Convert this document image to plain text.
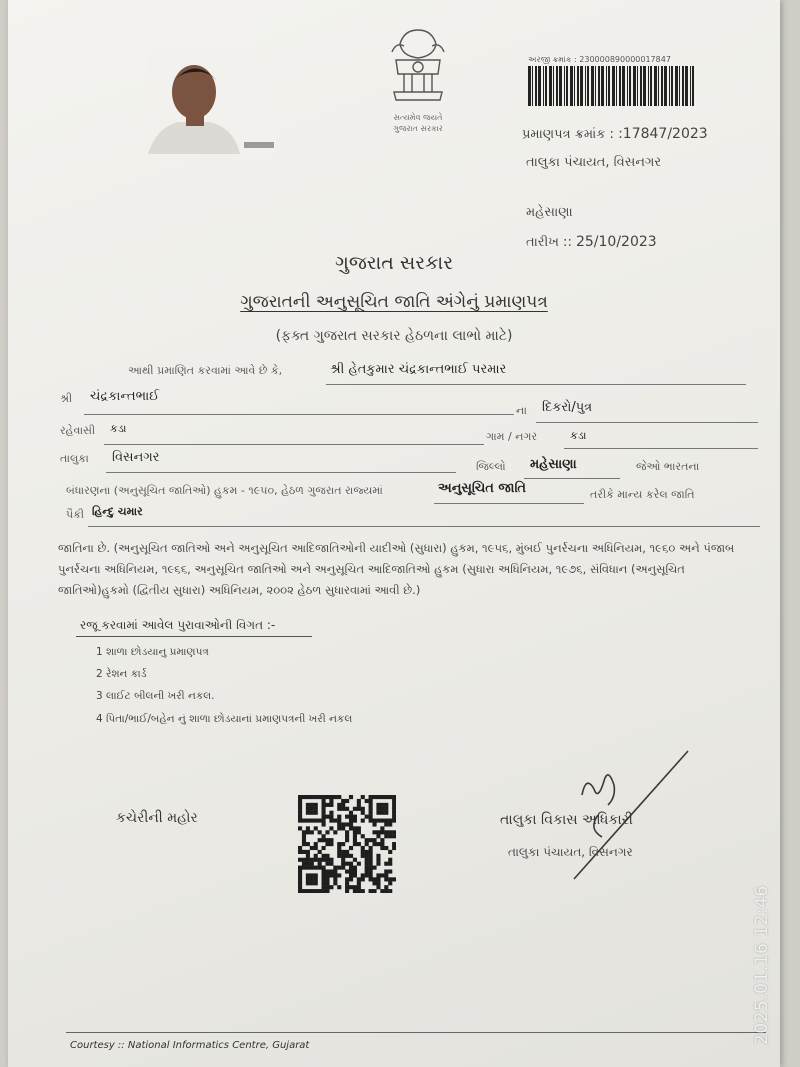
સત્યમેવ જયતે
ગુજરાત સરકાર
અરજી ક્રમાંક : 230000890000017847
પ્રમાણપત્ર ક્રમાંક : :17847/2023
તાલુકા પંચાયત, વિસનગર
મહેસાણા
તારીખ :: 25/10/2023
ગુજરાત સરકાર
ગુજરાતની અનુસૂચિત જાતિ અંગેનું પ્રમાણપત્ર
(ફક્ત ગુજરાત સરકાર હેઠળના લાભો માટે)
આથી પ્રમાણિત કરવામાં આવે છે કે,	શ્રી હેતકુમાર ચંદ્રકાન્તભાઈ પરમાર
શ્રી ચંદ્રકાન્તભાઈ
ના દિકરો/પુત્ર
રહેવાસી કડા
ગામ / નગર	કડા
તાલુકા વિસનગર
જિલ્લો મહેસાણા	જેઓ ભારતના
બંધારણના (અનુસૂચિત જાતિઓ) હુકમ - ૧૯૫૦, હેઠળ ગુજરાત રાજ્યમાં	અનુસૂચિત જાતિ	તરીકે માન્ય કરેલ જાતિ
પૈકી હિન્દુ ચમાર
જાતિના છે. (અનુસૂચિત જાતિઓ અને અનુસૂચિત આદિજાતિઓની યાદીઓ (સુધારા) હુકમ, ૧૯૫૬, મુંબઈ પુનર્રચના અધિનિયમ, ૧૯૬૦ અને પંજાબ પુનર્રચના અધિનિયમ, ૧૯૬૬, અનુસૂચિત જાતિઓ અને અનુસૂચિત આદિજાતિઓ હુકમ (સુધારા અધિનિયમ, ૧૯૭૬, સંવિધાન (અનુસૂચિત જાતિઓ)હુકમો (દ્વિતીય સુધારા) અધિનિયમ, ૨૦૦૨ હેઠળ સુધારવામાં આવી છે.)
રજૂ કરવામાં આવેલ પુરાવાઓની વિગત :-
1 શાળા છોડયાનુ પ્રમાણપત્ર
2 રેશન કાર્ડ
3 લાઈટ બીલની ખરી નકલ.
4 પિતા/ભાઈ/બહેન નું શાળા છોડયાનાં પ્રમાણપત્રની ખરી નકલ
કચેરીની મહોર	તાલુકા વિકાસ અધિકારી
તાલુકા પંચાયત, વિસનગર
Courtesy :: National Informatics Centre, Gujarat
2025.01.16 12:46
